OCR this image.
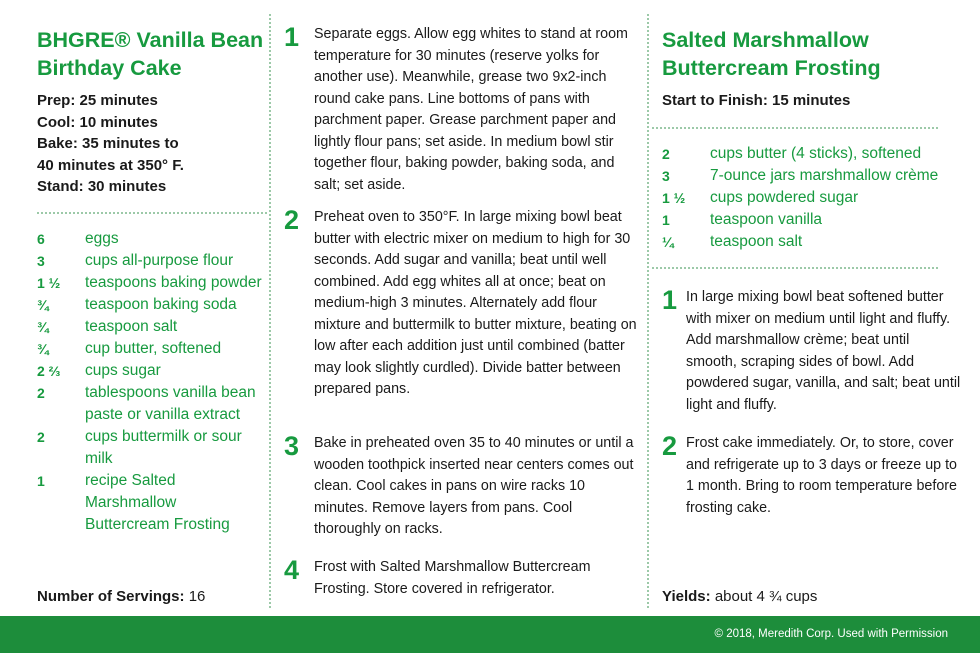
BHGRE® Vanilla Bean
Birthday Cake
Prep: 25 minutes
Cool: 10 minutes
Bake: 35 minutes to
40 minutes at 350° F.
Stand: 30 minutes
6	eggs
3	cups all-purpose flour
1 ½	teaspoons baking powder
¾	teaspoon baking soda
¾	teaspoon salt
¾	cup butter, softened
2 ⅔	cups sugar
2	tablespoons vanilla bean paste or vanilla extract
2	cups buttermilk or sour milk
1	recipe Salted Marshmallow Buttercream Frosting
1 Separate eggs. Allow egg whites to stand at room temperature for 30 minutes (reserve yolks for another use). Meanwhile, grease two 9x2-inch round cake pans. Line bottoms of pans with parchment paper. Grease parchment paper and lightly flour pans; set aside. In medium bowl stir together flour, baking powder, baking soda, and salt; set aside.
2 Preheat oven to 350°F. In large mixing bowl beat butter with electric mixer on medium to high for 30 seconds. Add sugar and vanilla; beat until well combined. Add egg whites all at once; beat on medium-high 3 minutes. Alternately add flour mixture and buttermilk to butter mixture, beating on low after each addition just until combined (batter may look slightly curdled). Divide batter between prepared pans.
3 Bake in preheated oven 35 to 40 minutes or until a wooden toothpick inserted near centers comes out clean. Cool cakes in pans on wire racks 10 minutes. Remove layers from pans. Cool thoroughly on racks.
4 Frost with Salted Marshmallow Buttercream Frosting. Store covered in refrigerator.
Salted Marshmallow
Buttercream Frosting
Start to Finish: 15 minutes
2	cups butter (4 sticks), softened
3	7-ounce jars marshmallow crème
1 ½	cups powdered sugar
1	teaspoon vanilla
¼	teaspoon salt
1 In large mixing bowl beat softened butter with mixer on medium until light and fluffy. Add marshmallow crème; beat until smooth, scraping sides of bowl. Add powdered sugar, vanilla, and salt; beat until light and fluffy.
2 Frost cake immediately. Or, to store, cover and refrigerate up to 3 days or freeze up to 1 month. Bring to room temperature before frosting cake.
Number of Servings: 16	Yields: about 4 ¾ cups
© 2018, Meredith Corp. Used with Permission
